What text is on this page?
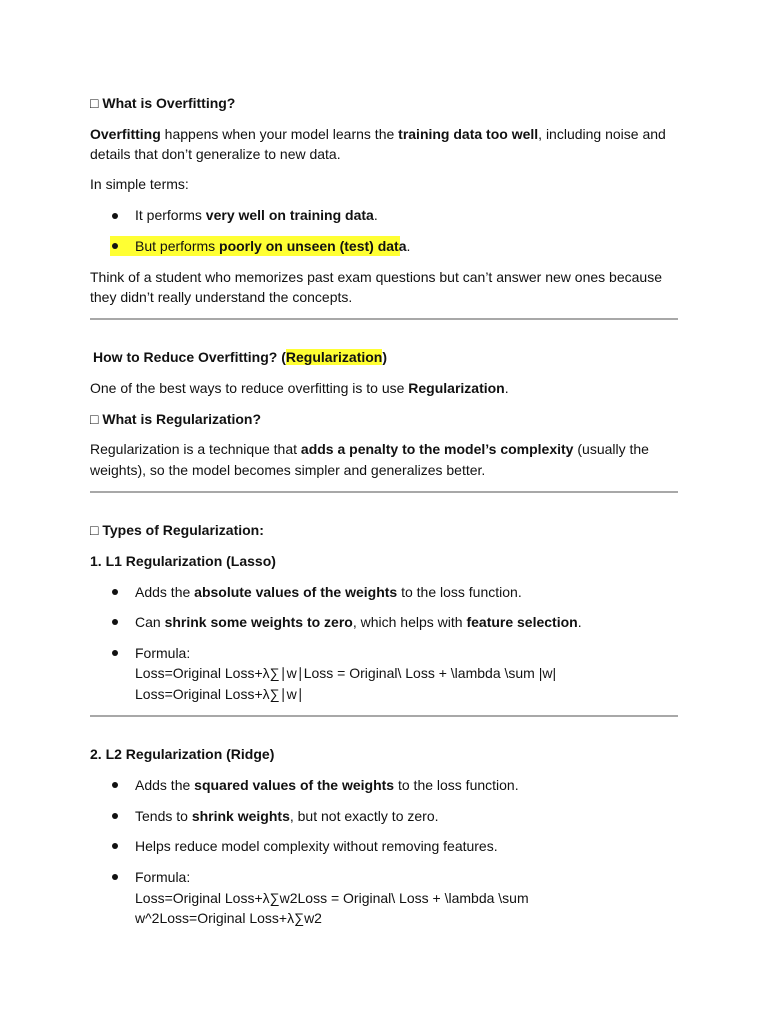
□ What is Overfitting?
Overfitting happens when your model learns the training data too well, including noise and
details that don’t generalize to new data.
In simple terms:
It performs very well on training data.
But performs poorly on unseen (test) data.
Think of a student who memorizes past exam questions but can’t answer new ones because
they didn’t really understand the concepts.
How to Reduce Overfitting? (Regularization)
One of the best ways to reduce overfitting is to use Regularization.
□ What is Regularization?
Regularization is a technique that adds a penalty to the model’s complexity (usually the
weights), so the model becomes simpler and generalizes better.
□ Types of Regularization:
1. L1 Regularization (Lasso)
Adds the absolute values of the weights to the loss function.
Can shrink some weights to zero, which helps with feature selection.
Formula:
Loss=Original Loss+λ∑∣w∣Loss = Original\ Loss + \lambda \sum |w|
Loss=Original Loss+λ∑∣w∣
2. L2 Regularization (Ridge)
Adds the squared values of the weights to the loss function.
Tends to shrink weights, but not exactly to zero.
Helps reduce model complexity without removing features.
Formula:
Loss=Original Loss+λ∑w2Loss = Original\ Loss + \lambda \sum
w^2Loss=Original Loss+λ∑w2
